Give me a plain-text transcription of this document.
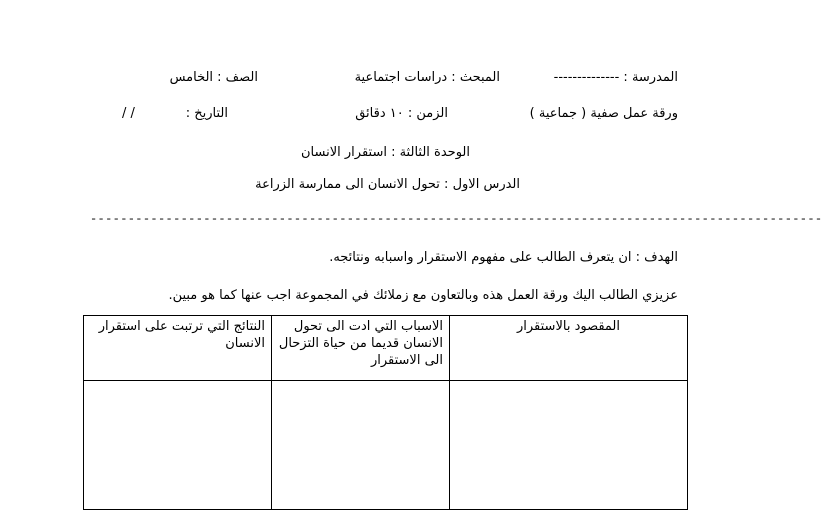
المدرسة : --------------
المبحث : دراسات اجتماعية
الصف : الخامس
ورقة عمل صفية ( جماعية )
الزمن : ١٠ دقائق
التاريخ :
/ /
الوحدة الثالثة : استقرار الانسان
الدرس الاول : تحول الانسان الى ممارسة الزراعة
-------------------------------------------------------------------------------------------------
الهدف : ان يتعرف الطالب على مفهوم الاستقرار واسبابه ونتائجه.
عزيزي الطالب اليك ورقة العمل هذه وبالتعاون مع زملائك في المجموعة اجب عنها كما هو مبين.
المقصود بالاستقرار	الاسباب التي ادت الى تحول الانسان قديما من حياة التزحال الى الاستقرار	النتائج التي ترتبت على استقرار الانسان
